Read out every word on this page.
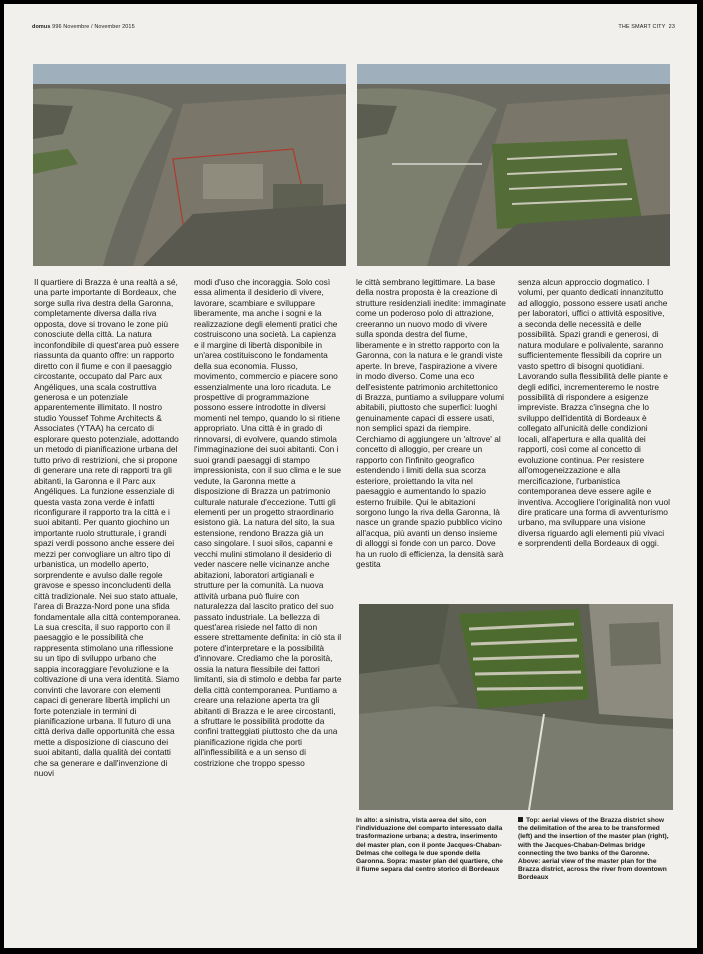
domus 996 Novembre / November 2015	THE SMART CITY 23

Il quartiere di Brazza è una realtà a sé, una parte importante di Bordeaux, che sorge sulla riva destra della Garonna, completamente diversa dalla riva opposta, dove si trovano le zone più conosciute della città. La natura inconfondibile di quest'area può essere riassunta da quanto offre: un rapporto diretto con il fiume e con il paesaggio circostante, occupato dal Parc aux Angéliques, una scala costruttiva generosa e un potenziale apparentemente illimitato. Il nostro studio Youssef Tohme Architects & Associates (YTAA) ha cercato di esplorare questo potenziale, adottando un metodo di pianificazione urbana del tutto privo di restrizioni, che si propone di generare una rete di rapporti tra gli abitanti, la Garonna e il Parc aux Angéliques. La funzione essenziale di questa vasta zona verde è infatti riconfigurare il rapporto tra la città e i suoi abitanti. Per quanto giochino un importante ruolo strutturale, i grandi spazi verdi possono anche essere dei mezzi per convogliare un altro tipo di urbanistica, un modello aperto, sorprendente e avulso dalle regole gravose e spesso inconcludenti della città tradizionale. Nei suo stato attuale, l'area di Brazza-Nord pone una sfida fondamentale alla città contemporanea. La sua crescita, il suo rapporto con il paesaggio e le possibilità che rappresenta stimolano una riflessione su un tipo di sviluppo urbano che sappia incoraggiare l'evoluzione e la coltivazione di una vera identità. Siamo convinti che lavorare con elementi capaci di generare libertà implichi un forte potenziale in termini di pianificazione urbana. Il futuro di una città deriva dalle opportunità che essa mette a disposizione di ciascuno dei suoi abitanti, dalla qualità dei contatti che sa generare e dall'invenzione di nuovi

modi d'uso che incoraggia. Solo così essa alimenta il desiderio di vivere, lavorare, scambiare e sviluppare liberamente, ma anche i sogni e la realizzazione degli elementi pratici che costruiscono una società. La capienza e il margine di libertà disponibile in un'area costituiscono le fondamenta della sua economia. Flusso, movimento, commercio e piacere sono essenzialmente una loro ricaduta. Le prospettive di programmazione possono essere introdotte in diversi momenti nel tempo, quando lo si ritiene appropriato. Una città è in grado di rinnovarsi, di evolvere, quando stimola l'immaginazione dei suoi abitanti. Con i suoi grandi paesaggi di stampo impressionista, con il suo clima e le sue vedute, la Garonna mette a disposizione di Brazza un patrimonio culturale naturale d'eccezione. Tutti gli elementi per un progetto straordinario esistono già. La natura del sito, la sua estensione, rendono Brazza già un caso singolare. I suoi silos, capanni e vecchi mulini stimolano il desiderio di veder nascere nelle vicinanze anche abitazioni, laboratori artigianali e strutture per la comunità. La nuova attività urbana può fluire con naturalezza dal lascito pratico del suo passato industriale. La bellezza di quest'area risiede nel fatto di non essere strettamente definita: in ciò sta il potere d'interpretare e la possibilità d'innovare. Crediamo che la porosità, ossia la natura flessibile dei fattori limitanti, sia di stimolo e debba far parte della città contemporanea. Puntiamo a creare una relazione aperta tra gli abitanti di Brazza e le aree circostanti, a sfruttare le possibilità prodotte da confini tratteggiati piuttosto che da una pianificazione rigida che porti all'inflessibilità e a un senso di costrizione che troppo spesso

le città sembrano legittimare. La base della nostra proposta è la creazione di strutture residenziali inedite: immaginate come un poderoso polo di attrazione, creeranno un nuovo modo di vivere sulla sponda destra del fiume, liberamente e in stretto rapporto con la Garonna, con la natura e le grandi viste aperte. In breve, l'aspirazione a vivere in modo diverso. Come una eco dell'esistente patrimonio architettonico di Brazza, puntiamo a sviluppare volumi abitabili, piuttosto che superfici: luoghi genuinamente capaci di essere usati, non semplici spazi da riempire. Cerchiamo di aggiungere un 'altrove' al concetto di alloggio, per creare un rapporto con l'infinito geografico estendendo i limiti della sua scorza esteriore, proiettando la vita nel paesaggio e aumentando lo spazio esterno fruibile. Qui le abitazioni sorgono lungo la riva della Garonna, là nasce un grande spazio pubblico vicino all'acqua, più avanti un denso insieme di alloggi si fonde con un parco. Dove ha un ruolo di efficienza, la densità sarà gestita

senza alcun approccio dogmatico. I volumi, per quanto dedicati innanzitutto ad alloggio, possono essere usati anche per laboratori, uffici o attività espositive, a seconda delle necessità e delle possibilità. Spazi grandi e generosi, di natura modulare e polivalente, saranno sufficientemente flessibili da coprire un vasto spettro di bisogni quotidiani. Lavorando sulla flessibilità delle piante e degli edifici, incrementeremo le nostre possibilità di rispondere a esigenze impreviste. Brazza c'insegna che lo sviluppo dell'identità di Bordeaux è collegato all'unicità delle condizioni locali, all'apertura e alla qualità dei rapporti, così come al concetto di evoluzione continua. Per resistere all'omogeneizzazione e alla mercificazione, l'urbanistica contemporanea deve essere agile e inventiva. Accogliere l'originalità non vuol dire praticare una forma di avventurismo urbano, ma sviluppare una visione diversa riguardo agli elementi più vivaci e sorprendenti della Bordeaux di oggi.

In alto: a sinistra, vista aerea del sito, con l'individuazione del comparto interessato dalla trasformazione urbana; a destra, inserimento del master plan, con il ponte Jacques-Chaban-Delmas che collega le due sponde della Garonna. Sopra: master plan del quartiere, che il fiume separa dal centro storico di Bordeaux

Top: aerial views of the Brazza district show the delimitation of the area to be transformed (left) and the insertion of the master plan (right), with the Jacques-Chaban-Delmas bridge connecting the two banks of the Garonne. Above: aerial view of the master plan for the Brazza district, across the river from downtown Bordeaux
